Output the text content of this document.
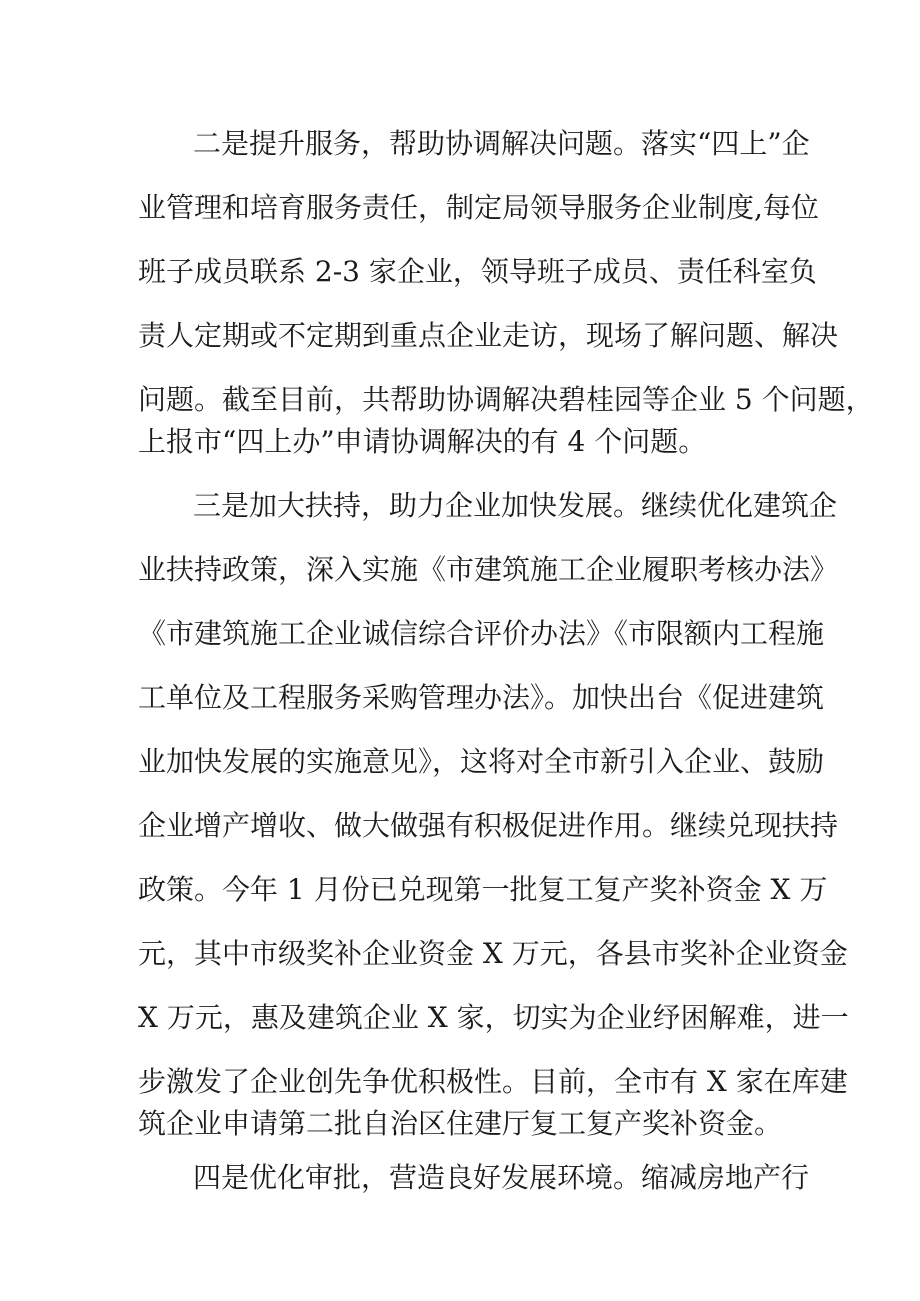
二是提升服务，帮助协调解决问题。落实“四上”企
业管理和培育服务责任，制定局领导服务企业制度,每位
班子成员联系 2-3 家企业，领导班子成员、责任科室负
责人定期或不定期到重点企业走访，现场了解问题、解决
问题。截至目前，共帮助协调解决碧桂园等企业 5 个问题，
上报市“四上办”申请协调解决的有 4 个问题。
三是加大扶持，助力企业加快发展。继续优化建筑企
业扶持政策，深入实施《市建筑施工企业履职考核办法》
《市建筑施工企业诚信综合评价办法》《市限额内工程施
工单位及工程服务采购管理办法》。加快出台《促进建筑
业加快发展的实施意见》，这将对全市新引入企业、鼓励
企业增产增收、做大做强有积极促进作用。继续兑现扶持
政策。今年 1 月份已兑现第一批复工复产奖补资金 X 万
元，其中市级奖补企业资金 X 万元，各县市奖补企业资金
X 万元，惠及建筑企业 X 家，切实为企业纾困解难，进一
步激发了企业创先争优积极性。目前，全市有 X 家在库建
筑企业申请第二批自治区住建厅复工复产奖补资金。
四是优化审批，营造良好发展环境。缩减房地产行
